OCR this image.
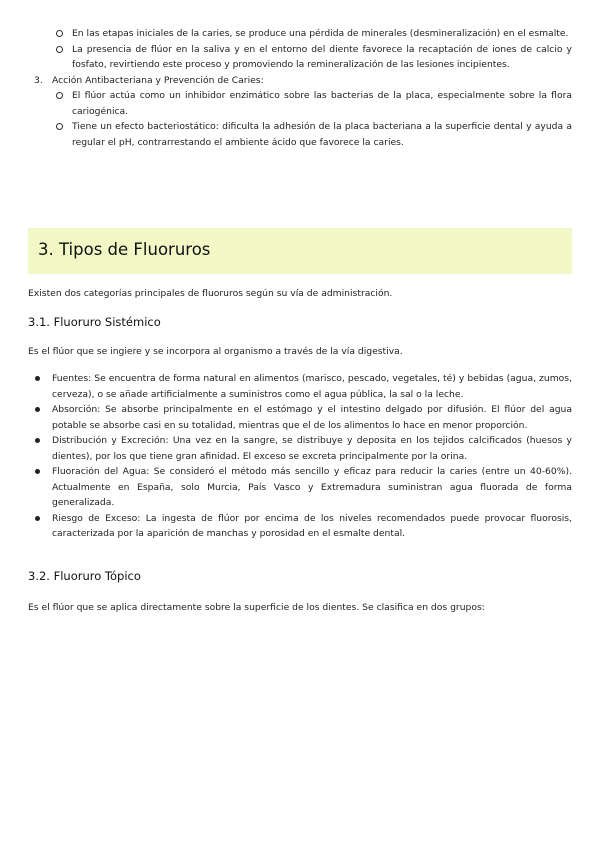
En las etapas iniciales de la caries, se produce una pérdida de minerales (desmineralización) en el esmalte.
La presencia de flúor en la saliva y en el entorno del diente favorece la recaptación de iones de calcio y fosfato, revirtiendo este proceso y promoviendo la remineralización de las lesiones incipientes.
3. Acción Antibacteriana y Prevención de Caries:
El flúor actúa como un inhibidor enzimático sobre las bacterias de la placa, especialmente sobre la flora cariogénica.
Tiene un efecto bacteriostático: dificulta la adhesión de la placa bacteriana a la superficie dental y ayuda a regular el pH, contrarrestando el ambiente ácido que favorece la caries.
3. Tipos de Fluoruros
Existen dos categorías principales de fluoruros según su vía de administración.
3.1. Fluoruro Sistémico
Es el flúor que se ingiere y se incorpora al organismo a través de la vía digestiva.
Fuentes: Se encuentra de forma natural en alimentos (marisco, pescado, vegetales, té) y bebidas (agua, zumos, cerveza), o se añade artificialmente a suministros como el agua pública, la sal o la leche.
Absorción: Se absorbe principalmente en el estómago y el intestino delgado por difusión. El flúor del agua potable se absorbe casi en su totalidad, mientras que el de los alimentos lo hace en menor proporción.
Distribución y Excreción: Una vez en la sangre, se distribuye y deposita en los tejidos calcificados (huesos y dientes), por los que tiene gran afinidad. El exceso se excreta principalmente por la orina.
Fluoración del Agua: Se consideró el método más sencillo y eficaz para reducir la caries (entre un 40-60%). Actualmente en España, solo Murcia, País Vasco y Extremadura suministran agua fluorada de forma generalizada.
Riesgo de Exceso: La ingesta de flúor por encima de los niveles recomendados puede provocar fluorosis, caracterizada por la aparición de manchas y porosidad en el esmalte dental.
3.2. Fluoruro Tópico
Es el flúor que se aplica directamente sobre la superficie de los dientes. Se clasifica en dos grupos:
